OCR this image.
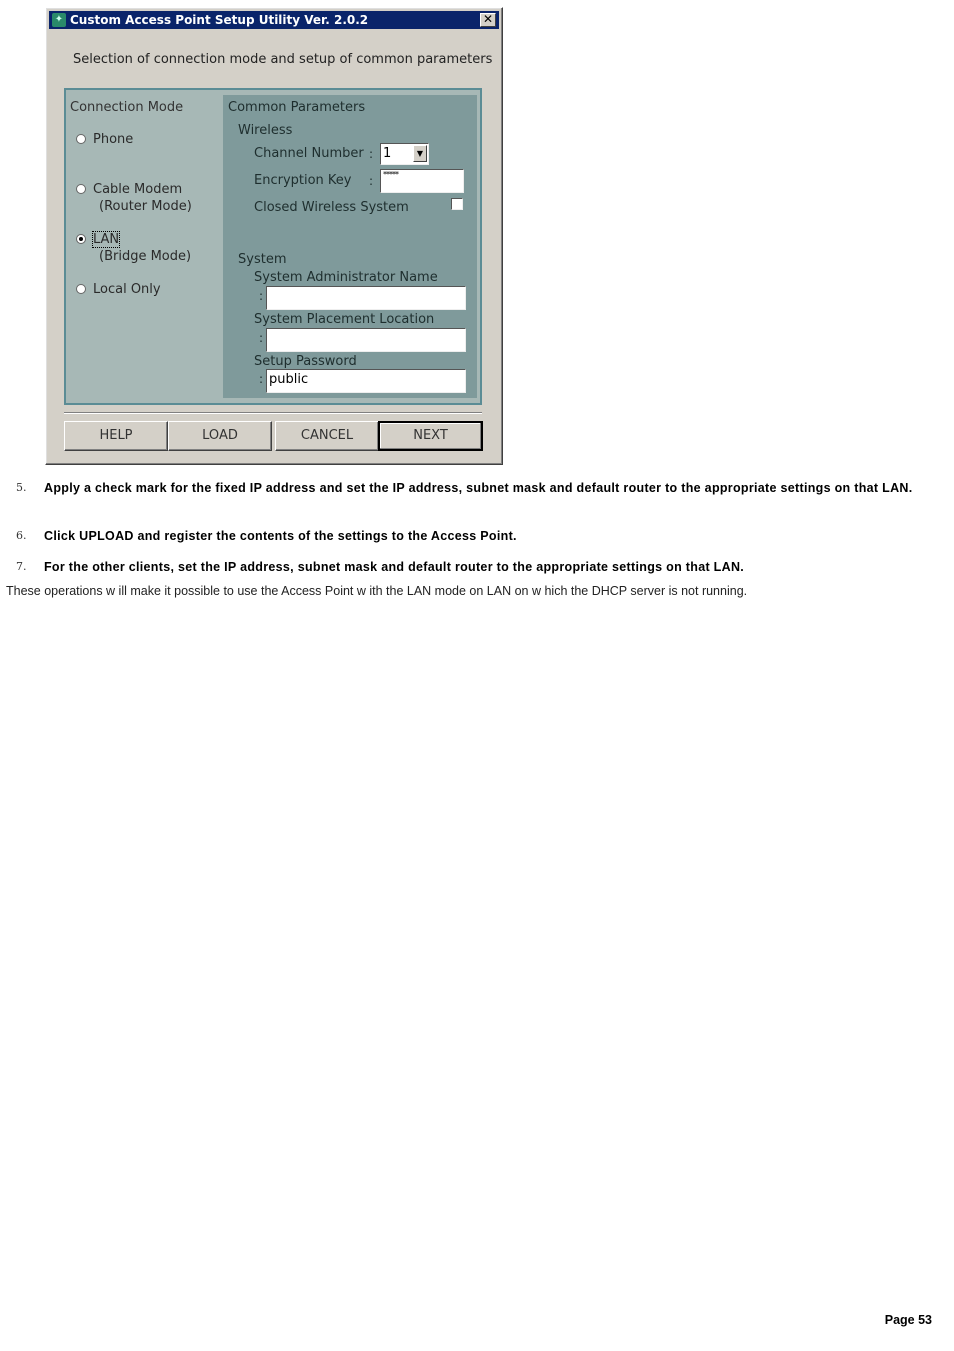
✦ Custom Access Point Setup Utility Ver. 2.0.2	✕
Selection of connection mode and setup of common parameters
Connection Mode
Phone
Cable Modem
(Router Mode)
LAN
(Bridge Mode)
Local Only
Common Parameters
Wireless
Channel Number : 1	▼
Encryption Key :	*****
Closed Wireless System
System
System Administrator Name
:
System Placement Location
:
Setup Password
: public
HELP	LOAD	CANCEL	NEXT
5. Apply a check mark for the fixed IP address and set the IP address, subnet mask and default router to the appropriate settings on that LAN.
6. Click UPLOAD and register the contents of the settings to the Access Point.
7. For the other clients, set the IP address, subnet mask and default router to the appropriate settings on that LAN.
These operations w ill make it possible to use the Access Point w ith the LAN mode on LAN on w hich the DHCP server is not running.
Page 53
